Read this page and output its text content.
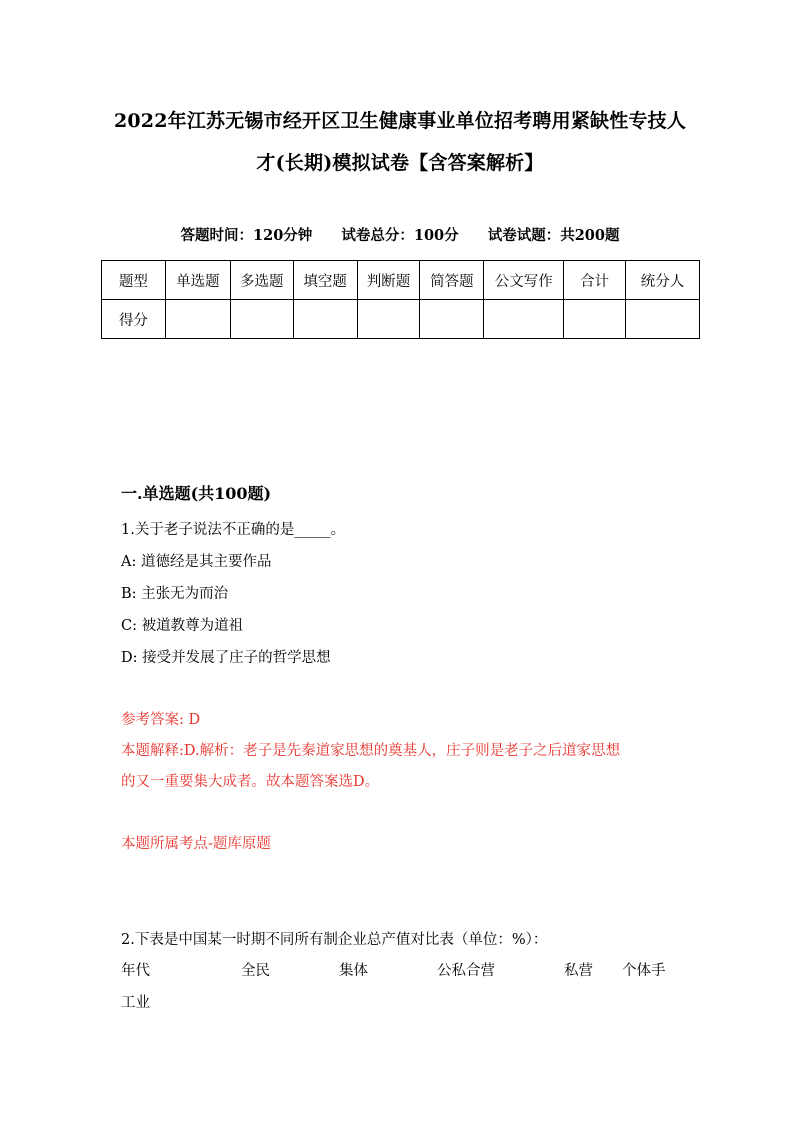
2022年江苏无锡市经开区卫生健康事业单位招考聘用紧缺性专技人
才(长期)模拟试卷【含答案解析】
答题时间：120分钟 试卷总分：100分 试卷试题：共200题
题型	单选题	多选题	填空题	判断题	简答题	公文写作	合计	统分人
得分								
一.单选题(共100题)
1.关于老子说法不正确的是_____。
A: 道德经是其主要作品
B: 主张无为而治
C: 被道教尊为道祖
D: 接受并发展了庄子的哲学思想
参考答案: D
本题解释:D.解析：老子是先秦道家思想的奠基人，庄子则是老子之后道家思想
的又一重要集大成者。故本题答案选D。
本题所属考点-题库原题
2.下表是中国某一时期不同所有制企业总产值对比表（单位：%）：
年代	全民	集体	公私合营	私营 个体手
工业
